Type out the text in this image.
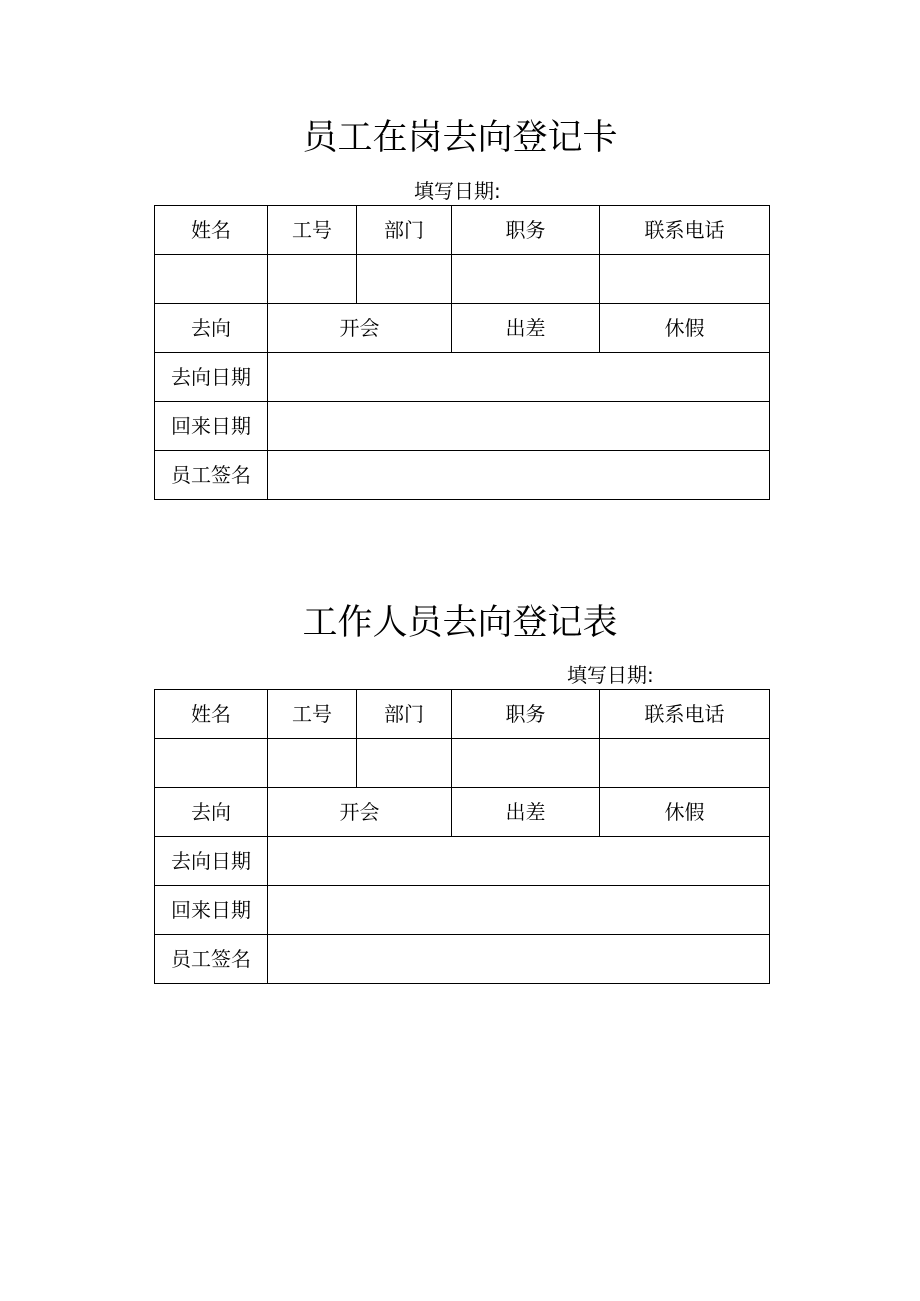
员工在岗去向登记卡
填写日期:
姓名	工号	部门	职务	联系电话

去向	开会		出差	休假
去向日期				
回来日期				
员工签名				
工作人员去向登记表
填写日期:
姓名	工号	部门	职务	联系电话

去向	开会		出差	休假
去向日期				
回来日期				
员工签名				
